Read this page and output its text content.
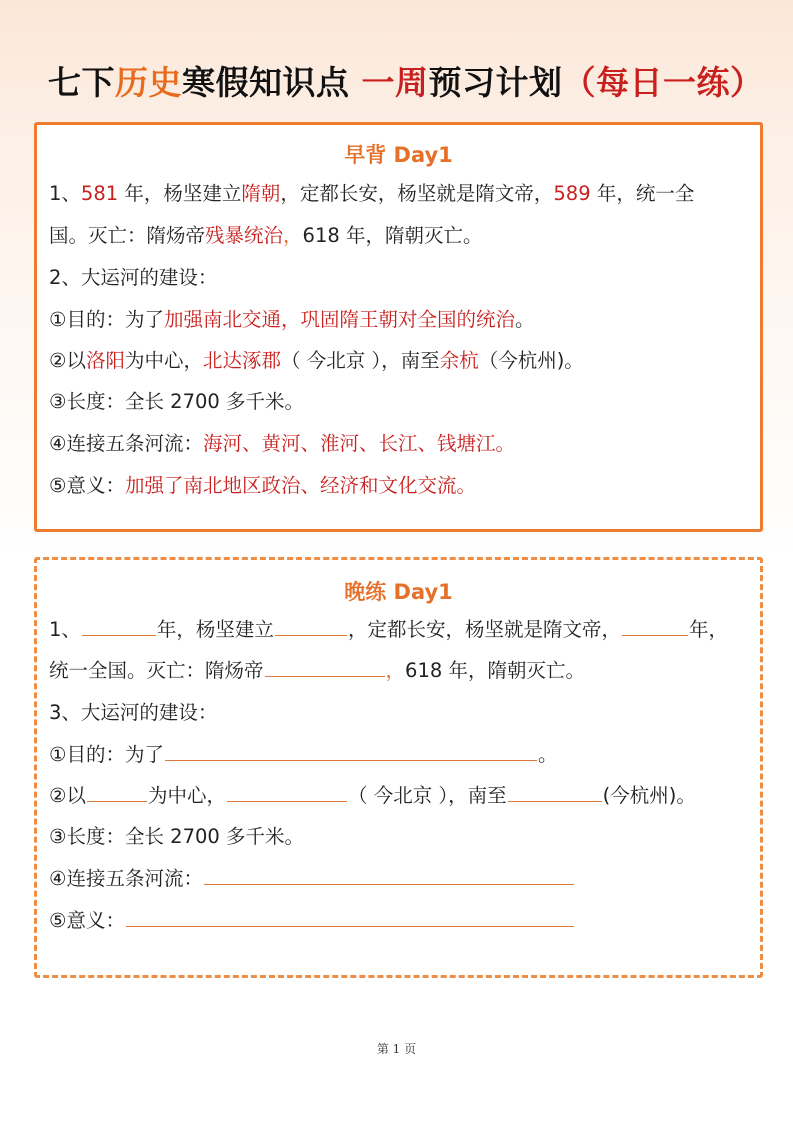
七下历史寒假知识点 一周预习计划（每日一练）
早背 Day1
1、581 年，杨坚建立隋朝，定都长安，杨坚就是隋文帝，589 年，统一全
国。灭亡：隋炀帝残暴统治，618 年，隋朝灭亡。
2、大运河的建设：
①目的：为了加强南北交通，巩固隋王朝对全国的统治。
②以洛阳为中心，北达涿郡（ 今北京 ），南至余杭（今杭州)。
③长度：全长 2700 多千米。
④连接五条河流：海河、黄河、淮河、长江、钱塘江。
⑤意义：加强了南北地区政治、经济和文化交流。
晚练 Day1
1、	年，杨坚建立	，定都长安，杨坚就是隋文帝，	年，
统一全国。灭亡：隋炀帝	，618 年，隋朝灭亡。
3、大运河的建设：
①目的：为了	。
②以	为中心，	（ 今北京 ），南至	(今杭州)。
③长度：全长 2700 多千米。
④连接五条河流：
⑤意义：
第 1 页
